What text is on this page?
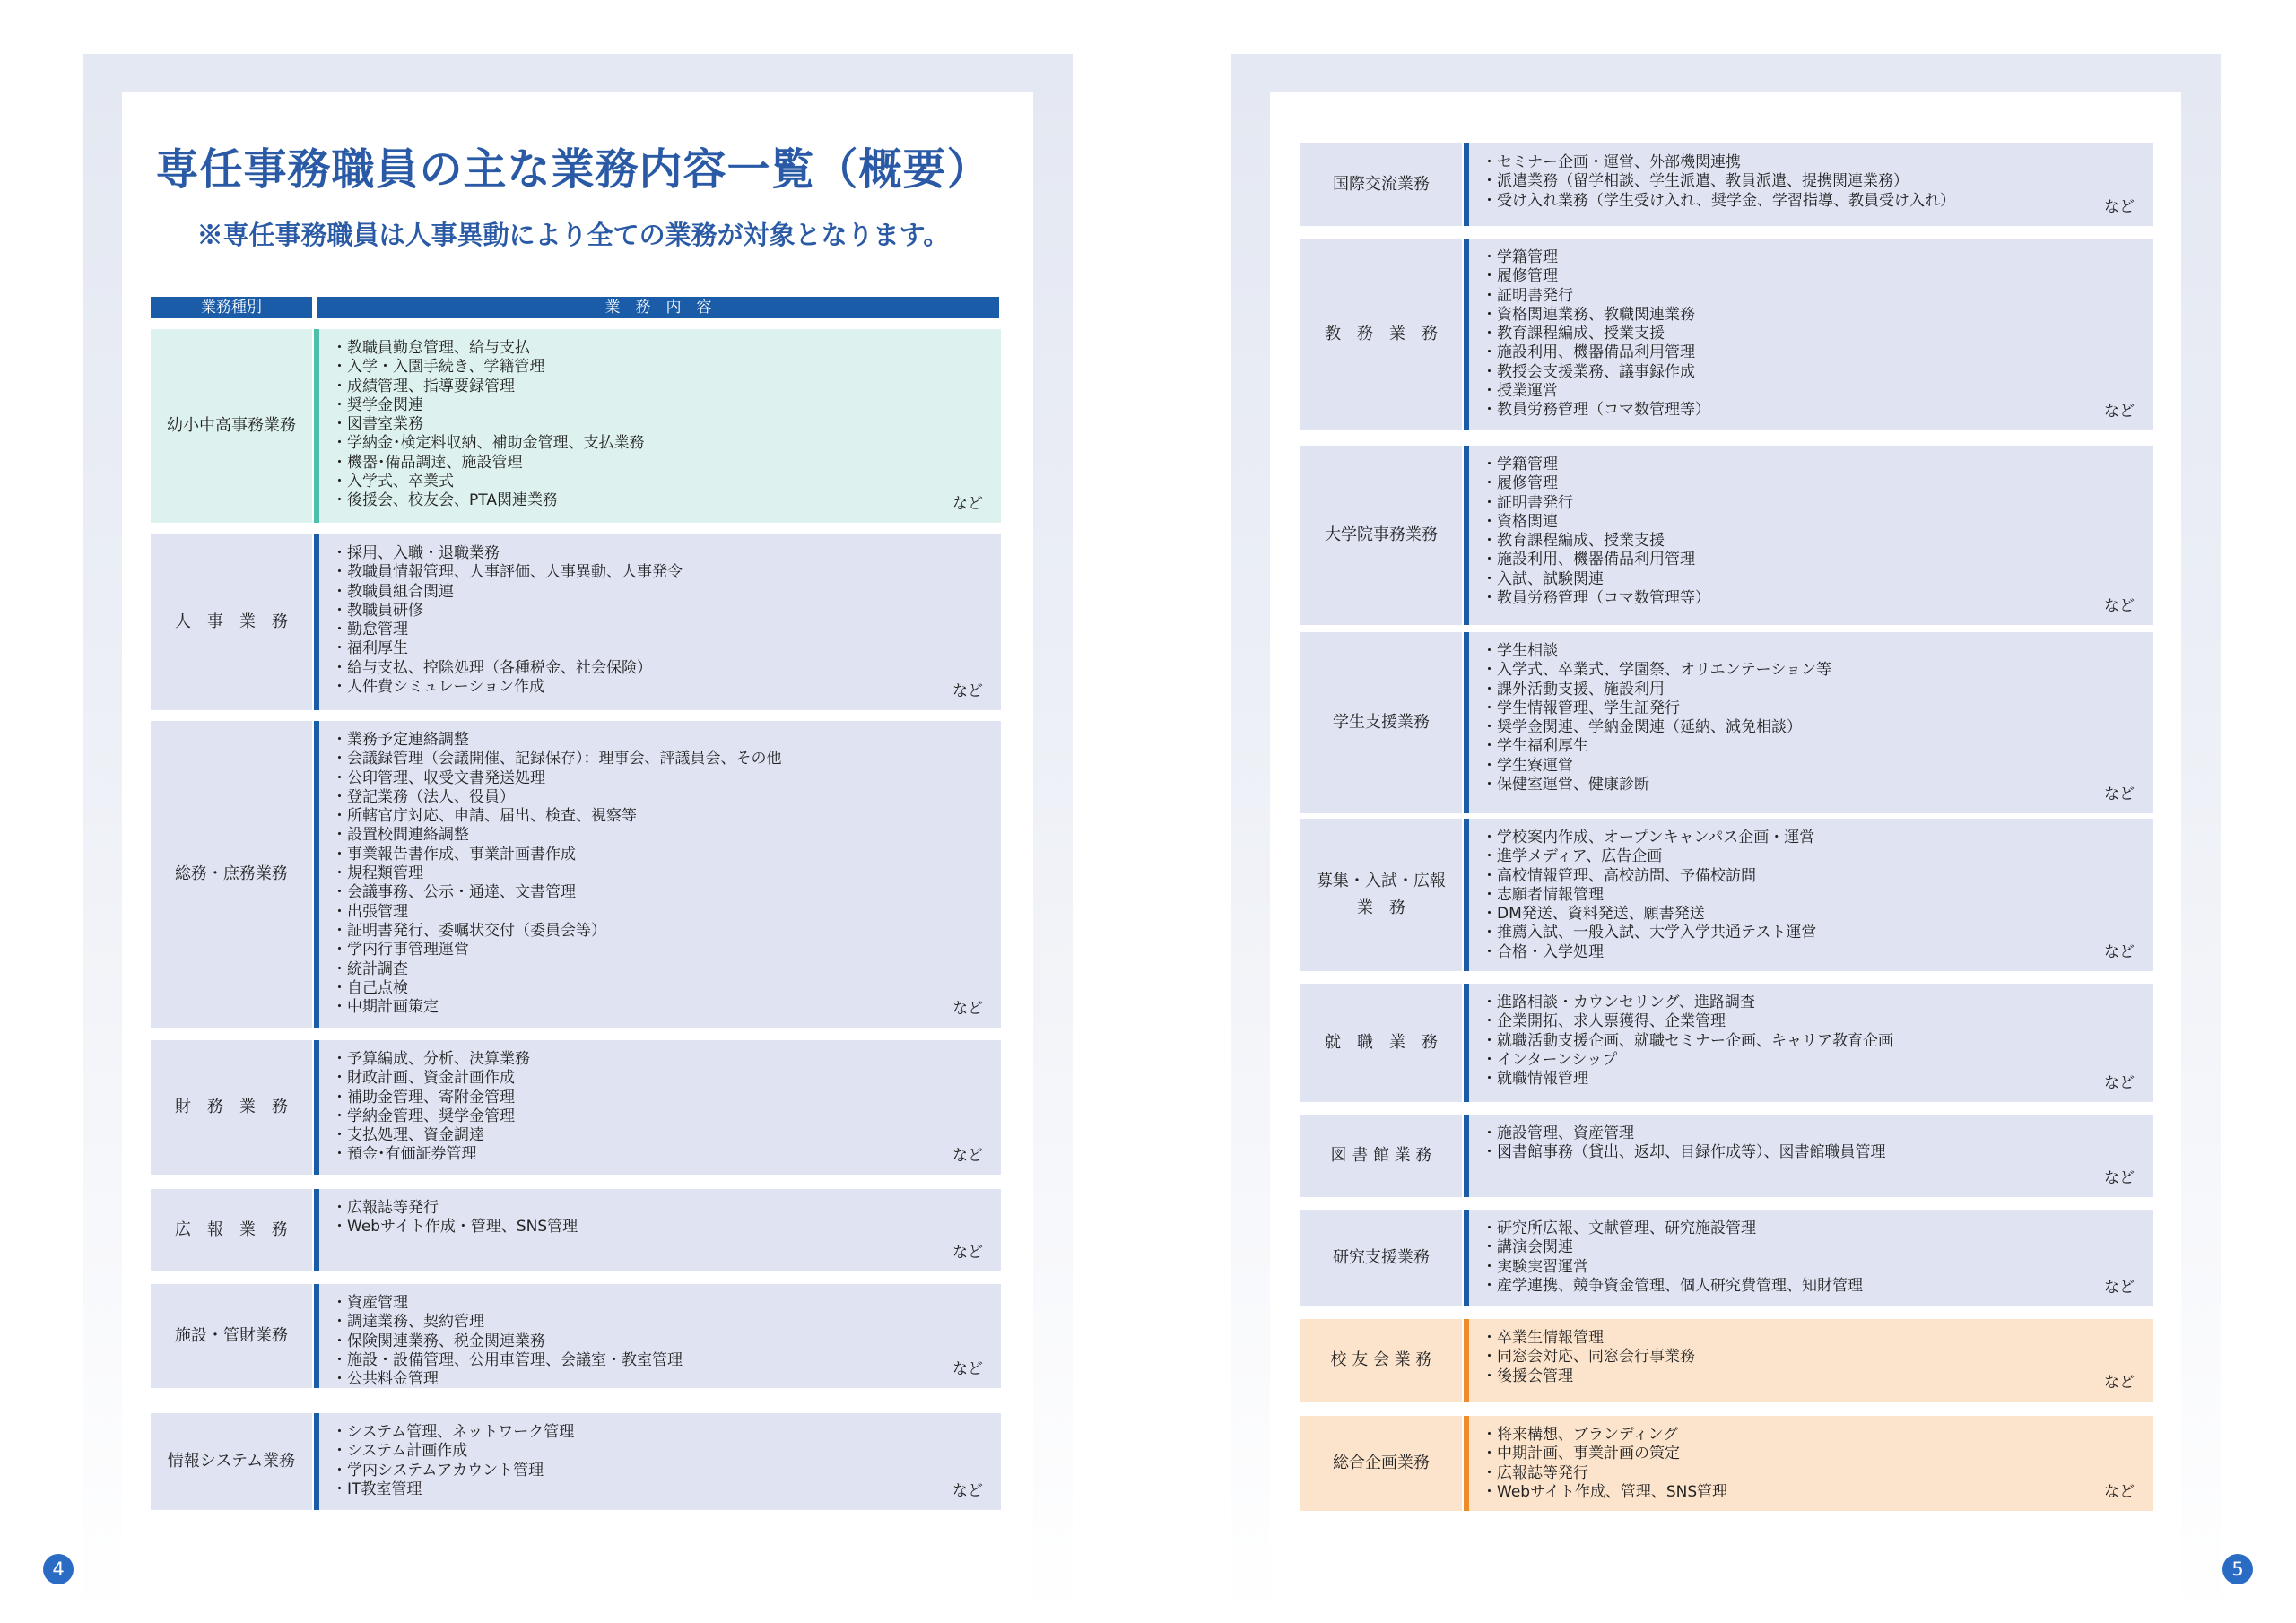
専任事務職員の主な業務内容一覧（概要）
※専任事務職員は人事異動により全ての業務が対象となります。
業務種別	業　務　内　容
幼小中高事務業務
・教職員勤怠管理、給与支払
・入学・入園手続き、学籍管理
・成績管理、指導要録管理
・奨学金関連
・図書室業務
・学納金･検定料収納、補助金管理、支払業務
・機器･備品調達、施設管理
・入学式、卒業式
・後援会、校友会、PTA関連業務	など
人　事　業　務
・採用、入職・退職業務
・教職員情報管理、人事評価、人事異動、人事発令
・教職員組合関連
・教職員研修
・勤怠管理
・福利厚生
・給与支払、控除処理（各種税金、社会保険）
・人件費シミュレーション作成	など
総務・庶務業務
・業務予定連絡調整
・会議録管理（会議開催、記録保存）：理事会、評議員会、その他
・公印管理、収受文書発送処理
・登記業務（法人、役員）
・所轄官庁対応、申請、届出、検査、視察等
・設置校間連絡調整
・事業報告書作成、事業計画書作成
・規程類管理
・会議事務、公示・通達、文書管理
・出張管理
・証明書発行、委嘱状交付（委員会等）
・学内行事管理運営
・統計調査
・自己点検
・中期計画策定	など
財　務　業　務
・予算編成、分析、決算業務
・財政計画、資金計画作成
・補助金管理、寄附金管理
・学納金管理、奨学金管理
・支払処理、資金調達
・預金･有価証券管理	など
広　報　業　務
・広報誌等発行
・Webサイト作成・管理、SNS管理
など
施設・管財業務
・資産管理
・調達業務、契約管理
・保険関連業務、税金関連業務
・施設・設備管理、公用車管理、会議室・教室管理
・公共料金管理
など
情報システム業務
・システム管理、ネットワーク管理
・システム計画作成
・学内システムアカウント管理
・IT教室管理	など
国際交流業務
・セミナー企画・運営、外部機関連携
・派遣業務（留学相談、学生派遣、教員派遣、提携関連業務）
・受け入れ業務（学生受け入れ、奨学金、学習指導、教員受け入れ）	など
教　務　業　務
・学籍管理
・履修管理
・証明書発行
・資格関連業務、教職関連業務
・教育課程編成、授業支援
・施設利用、機器備品利用管理
・教授会支援業務、議事録作成
・授業運営
・教員労務管理（コマ数管理等）	など
大学院事務業務
・学籍管理
・履修管理
・証明書発行
・資格関連
・教育課程編成、授業支援
・施設利用、機器備品利用管理
・入試、試験関連
・教員労務管理（コマ数管理等）	など
学生支援業務
・学生相談
・入学式、卒業式、学園祭、オリエンテーション等
・課外活動支援、施設利用
・学生情報管理、学生証発行
・奨学金関連、学納金関連（延納、減免相談）
・学生福利厚生
・学生寮運営
・保健室運営、健康診断
など
募集・入試・広報
業　務
・学校案内作成、オープンキャンパス企画・運営
・進学メディア、広告企画
・高校情報管理、高校訪問、予備校訪問
・志願者情報管理
・DM発送、資料発送、願書発送
・推薦入試、一般入試、大学入学共通テスト運営
・合格・入学処理	など
就　職　業　務
・進路相談・カウンセリング、進路調査
・企業開拓、求人票獲得、企業管理
・就職活動支援企画、就職セミナー企画、キャリア教育企画
・インターンシップ
・就職情報管理	など
図 書 館 業 務
・施設管理、資産管理
・図書館事務（貸出、返却、目録作成等）、図書館職員管理
など
研究支援業務
・研究所広報、文献管理、研究施設管理
・講演会関連
・実験実習運営
・産学連携、競争資金管理、個人研究費管理、知財管理	など
校 友 会 業 務
・卒業生情報管理
・同窓会対応、同窓会行事業務
・後援会管理	など
総合企画業務
・将来構想、ブランディング
・中期計画、事業計画の策定
・広報誌等発行
・Webサイト作成、管理、SNS管理	など
4	5
